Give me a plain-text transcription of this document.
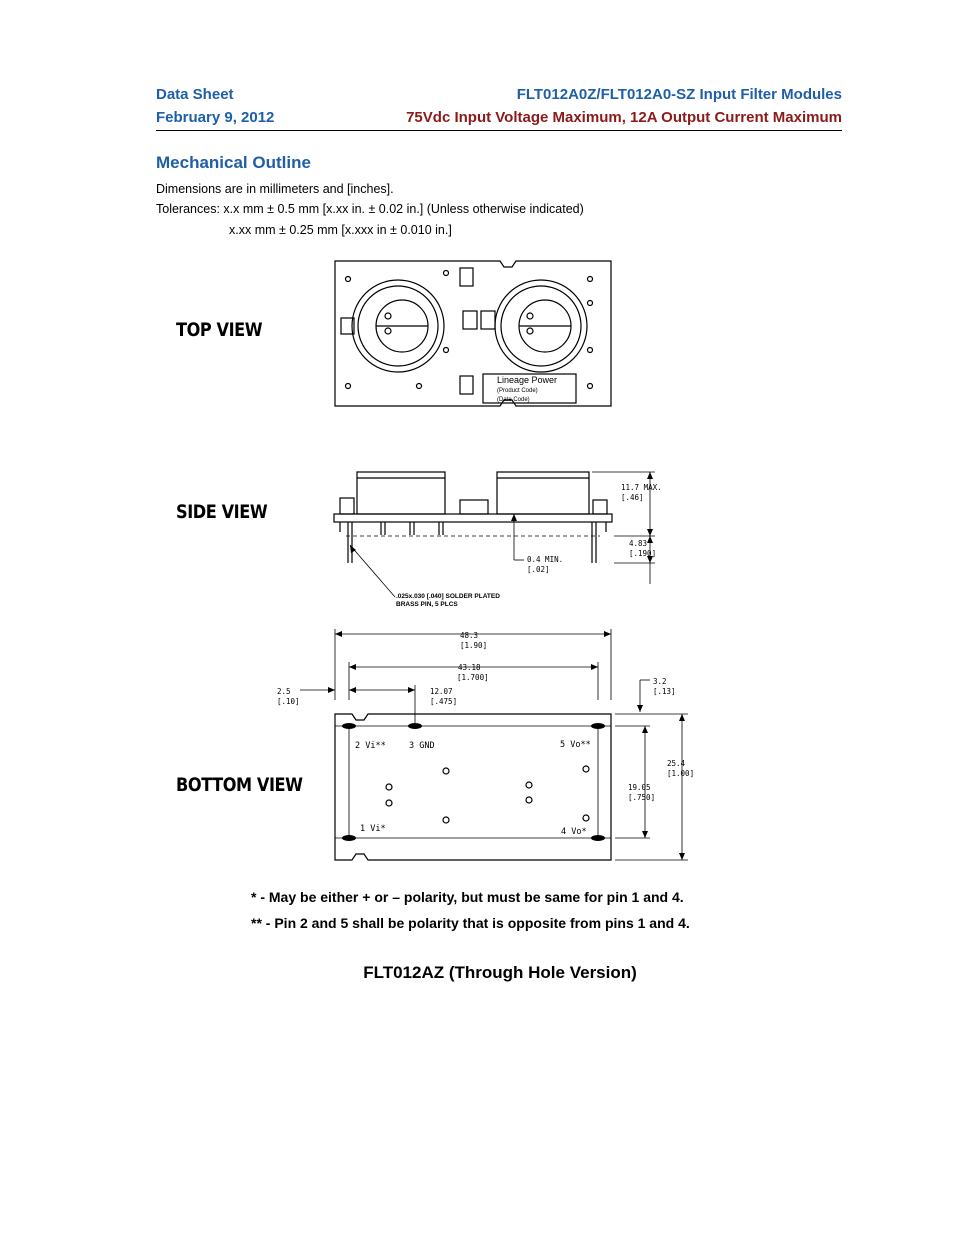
Data Sheet
February 9, 2012
FLT012A0Z/FLT012A0-SZ Input Filter Modules
75Vdc Input Voltage Maximum, 12A Output Current Maximum
Mechanical Outline
Dimensions are in millimeters and [inches].
Tolerances: x.x mm ± 0.5 mm [x.xx in. ± 0.02 in.] (Unless otherwise indicated)
x.xx mm ± 0.25 mm [x.xxx in ± 0.010 in.]
TOP VIEW
SIDE VIEW
BOTTOM VIEW
Lineage Power
(Product Code)
(Date Code)
11.7 MAX.
[.46]
4.83
[.190]
0.4 MIN.
[.02]
.025x.030 [.040] SOLDER PLATED
BRASS PIN, 5 PLCS
48.3
[1.90]
43.18
[1.700]
2.5
[.10]
12.07
[.475]
3.2
[.13]
25.4
[1.00]
19.05
[.750]
2 Vi**	3 GND	5 Vo**
1 Vi*	4 Vo*
* - May be either + or – polarity, but must be same for pin 1 and 4.
** - Pin 2 and 5 shall be polarity that is opposite from pins 1 and 4.
FLT012AZ (Through Hole Version)
